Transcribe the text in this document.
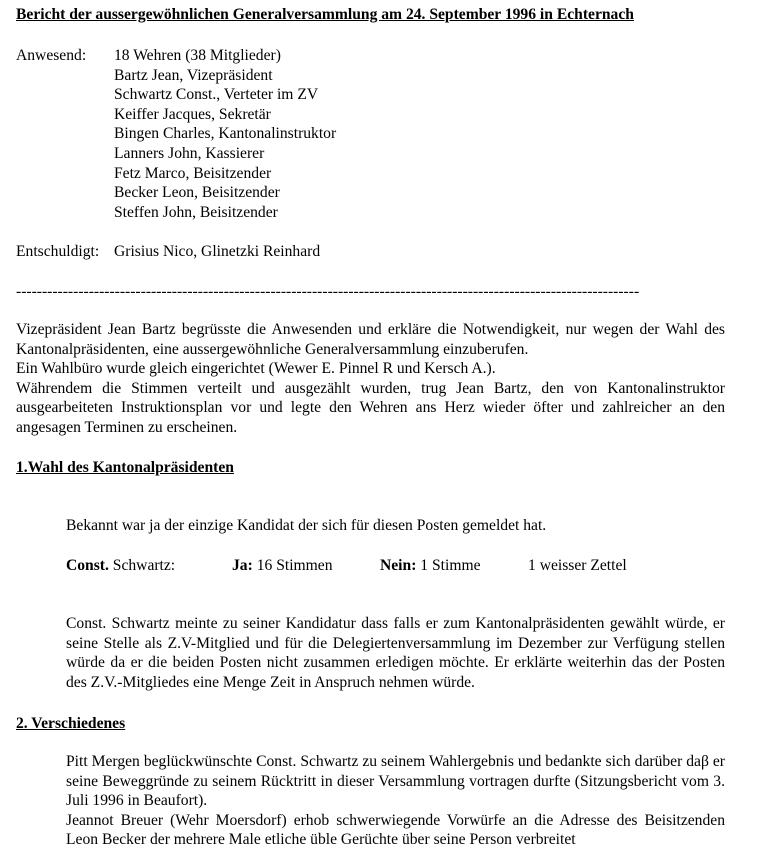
Bericht der aussergewöhnlichen Generalversammlung am 24. September 1996 in Echternach
Anwesend: 18 Wehren (38 Mitglieder)
Bartz Jean, Vizepräsident
Schwartz Const., Verteter im ZV
Keiffer Jacques, Sekretär
Bingen Charles, Kantonalinstruktor
Lanners John, Kassierer
Fetz Marco, Beisitzender
Becker Leon, Beisitzender
Steffen John, Beisitzender
Entschuldigt: Grisius Nico, Glinetzki Reinhard
------------------------------------------------------------------------------------------------------------------------

Vizepräsident Jean Bartz begrüsste die Anwesenden und erkläre die Notwendigkeit, nur wegen der Wahl des Kantonalpräsidenten, eine aussergewöhnliche Generalversammlung einzuberufen.

Ein Wahlbüro wurde gleich eingerichtet (Wewer E. Pinnel R und Kersch A.).

Währendem die Stimmen verteilt und ausgezählt wurden, trug Jean Bartz, den von Kantonalinstruktor ausgearbeiteten Instruktionsplan vor und legte den Wehren ans Herz wieder öfter und zahlreicher an den angesagen Terminen zu erscheinen.

1.Wahl des Kantonalpräsidenten
Bekannt war ja der einzige Kandidat der sich für diesen Posten gemeldet hat.
Const. Schwartz:	Ja: 16 Stimmen	Nein: 1 Stimme	1 weisser Zettel
Const. Schwartz meinte zu seiner Kandidatur dass falls er zum Kantonalpräsidenten gewählt würde, er seine Stelle als Z.V-Mitglied und für die Delegiertenversammlung im Dezember zur Verfügung stellen würde da er die beiden Posten nicht zusammen erledigen möchte. Er erklärte weiterhin das der Posten des Z.V.-Mitgliedes eine Menge Zeit in Anspruch nehmen würde.
2. Verschiedenes

Pitt Mergen beglückwünschte Const. Schwartz zu seinem Wahlergebnis und bedankte sich darüber daβ er seine Beweggründe zu seinem Rücktritt in dieser Versammlung vortragen durfte (Sitzungsbericht vom 3. Juli 1996 in Beaufort).

Jeannot Breuer (Wehr Moersdorf) erhob schwerwiegende Vorwürfe an die Adresse des Beisitzenden Leon Becker der mehrere Male etliche üble Gerüchte über seine Person verbreitet
